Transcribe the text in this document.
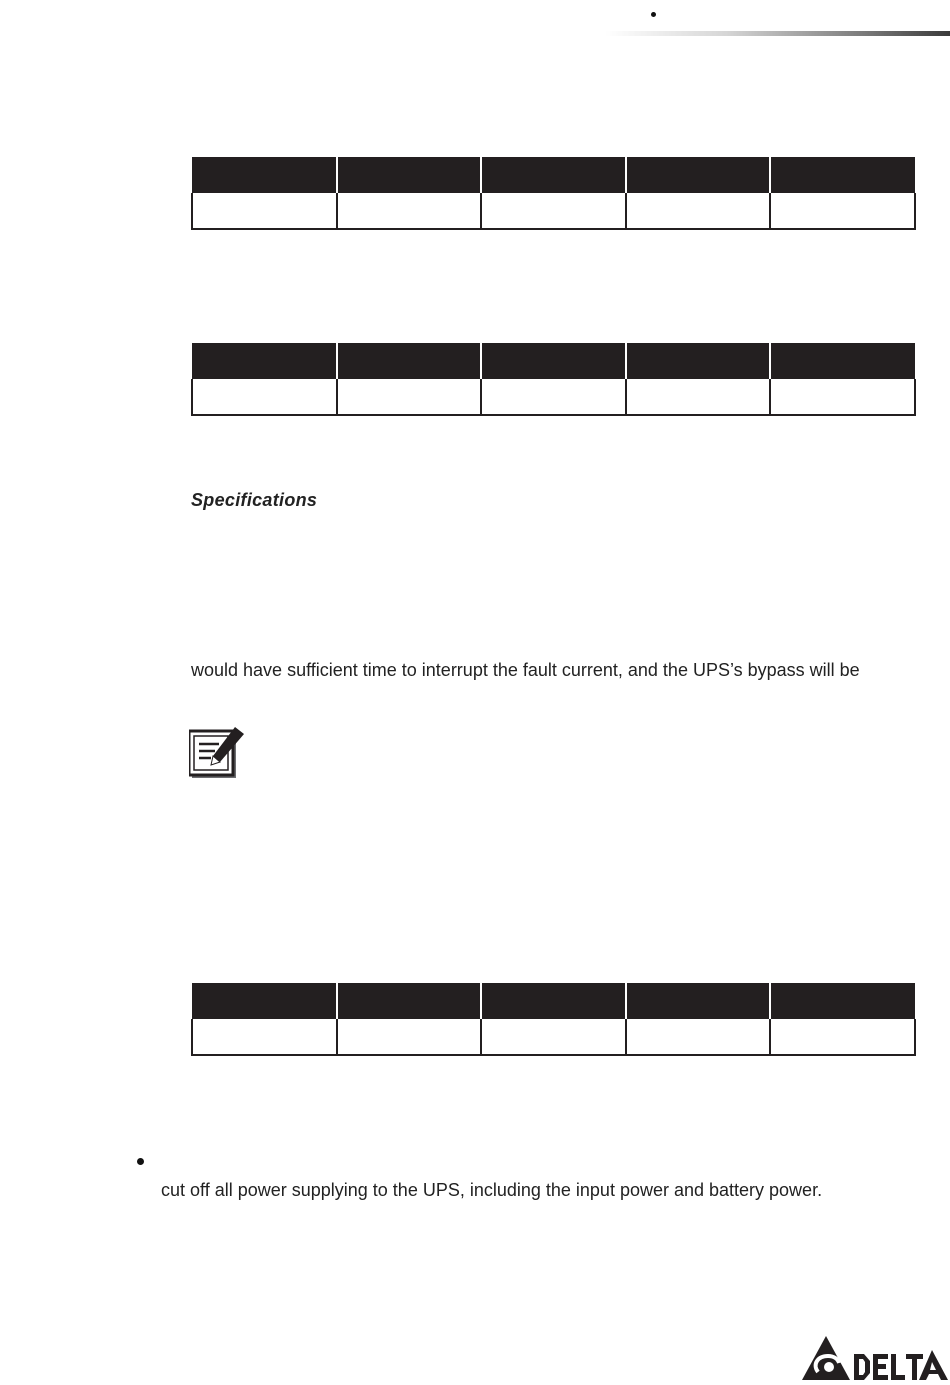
Specifications

would have sufficient time to interrupt the fault current, and the UPS’s bypass will be

cut off all power supplying to the UPS, including the input power and battery power.
